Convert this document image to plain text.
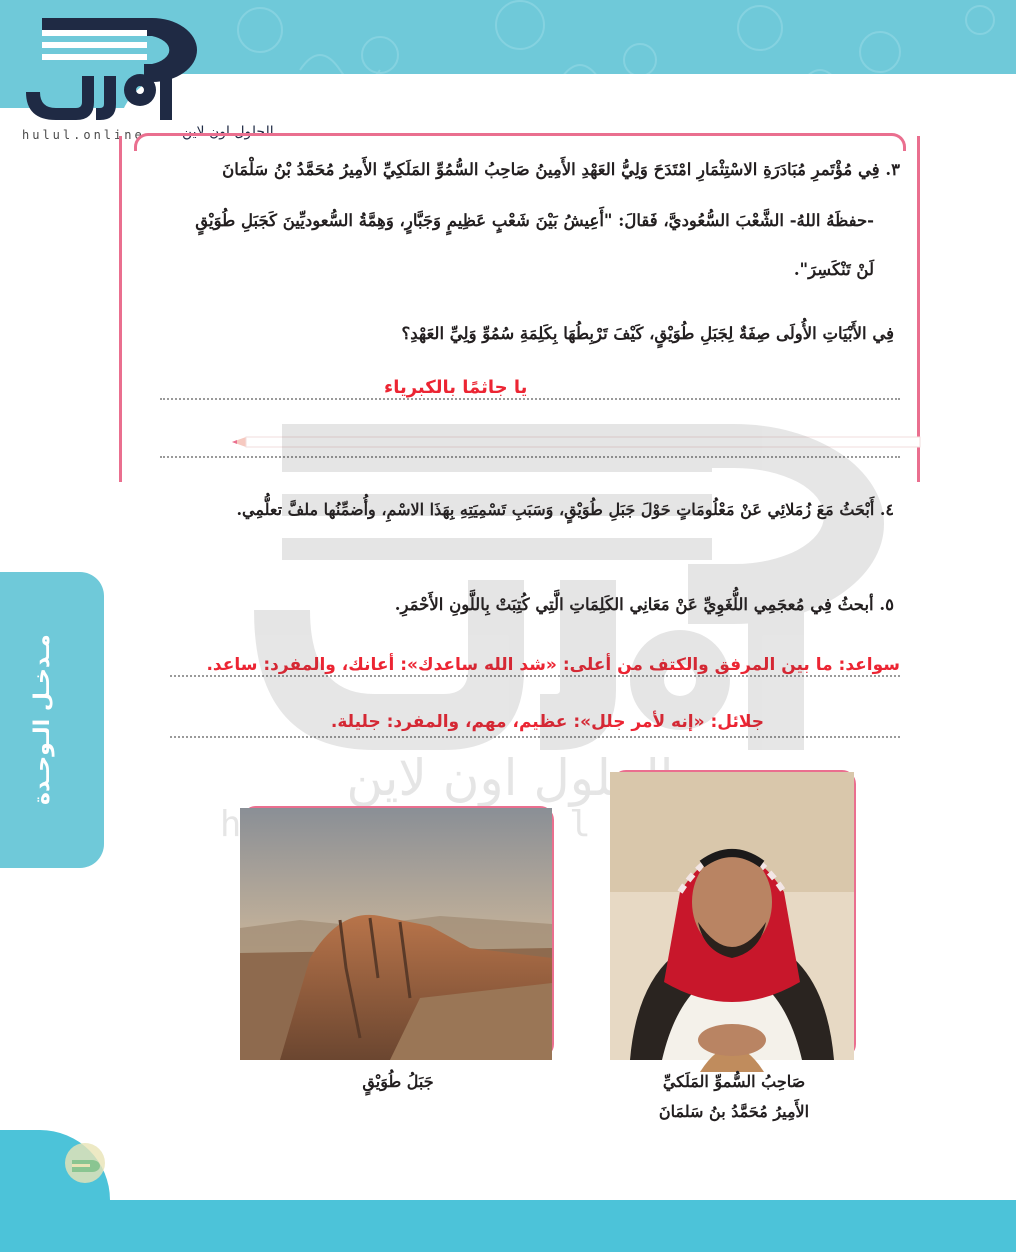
الحلول اون لاين
hulul.online
مـدخـل الـوحـدة
٣. فِي مُؤْتَمرِ مُبَادَرَةِ الاسْتِثْمَارِ امْتَدَحَ وَلِيُّ العَهْدِ الأَمِينُ صَاحِبُ السُّمُوِّ المَلَكِيِّ الأَمِيرُ مُحَمَّدُ بْنُ سَلْمَانَ
-حفظَهُ اللهُ- الشَّعْبَ السُّعُوديَّ، فَقالَ: "أَعِيشُ بَيْنَ شَعْبٍ عَظِيمٍ وَجَبَّارٍ، وَهِمَّةُ السُّعوديِّينَ كَجَبَلِ طُوَيْقٍ
لَنْ تَنْكَسِرَ".
فِي الأَبْيَاتِ الأُولَى صِفَةٌ لِجَبَلِ طُوَيْقٍ، كَيْفَ تَرْبِطُهَا بِكَلِمَةِ سُمُوِّ وَلِيِّ العَهْدِ؟
يا جاثمًا بالكبرياء
٤. أَبْحَثُ مَعَ زُمَلائِي عَنْ مَعْلُومَاتٍ حَوْلَ جَبَلِ طُوَيْقٍ، وَسَبَبِ تَسْمِيَتِهِ بِهَذَا الاسْمِ، وأُضمِّنُها ملفَّ تعلُّمِي.
٥. أبحثُ فِي مُعجَمِي اللُّغَوِيِّ عَنْ مَعَانِي الكَلِمَاتِ الَّتِي كُتِبَتْ بِاللَّونِ الأَحْمَرِ.
سواعد: ما بين المرفق والكتف من أعلى: «شد الله ساعدك»: أعانك، والمفرد: ساعد.
جلائل: «إنه لأمر جلل»: عظيم، مهم، والمفرد: جليلة.
الحلول اون لاين
جَبَلُ طُوَيْقٍ	صَاحِبُ السُّموِّ المَلَكيِّ
الأَمِيرُ مُحَمَّدُ بنُ سَلمَانَ
